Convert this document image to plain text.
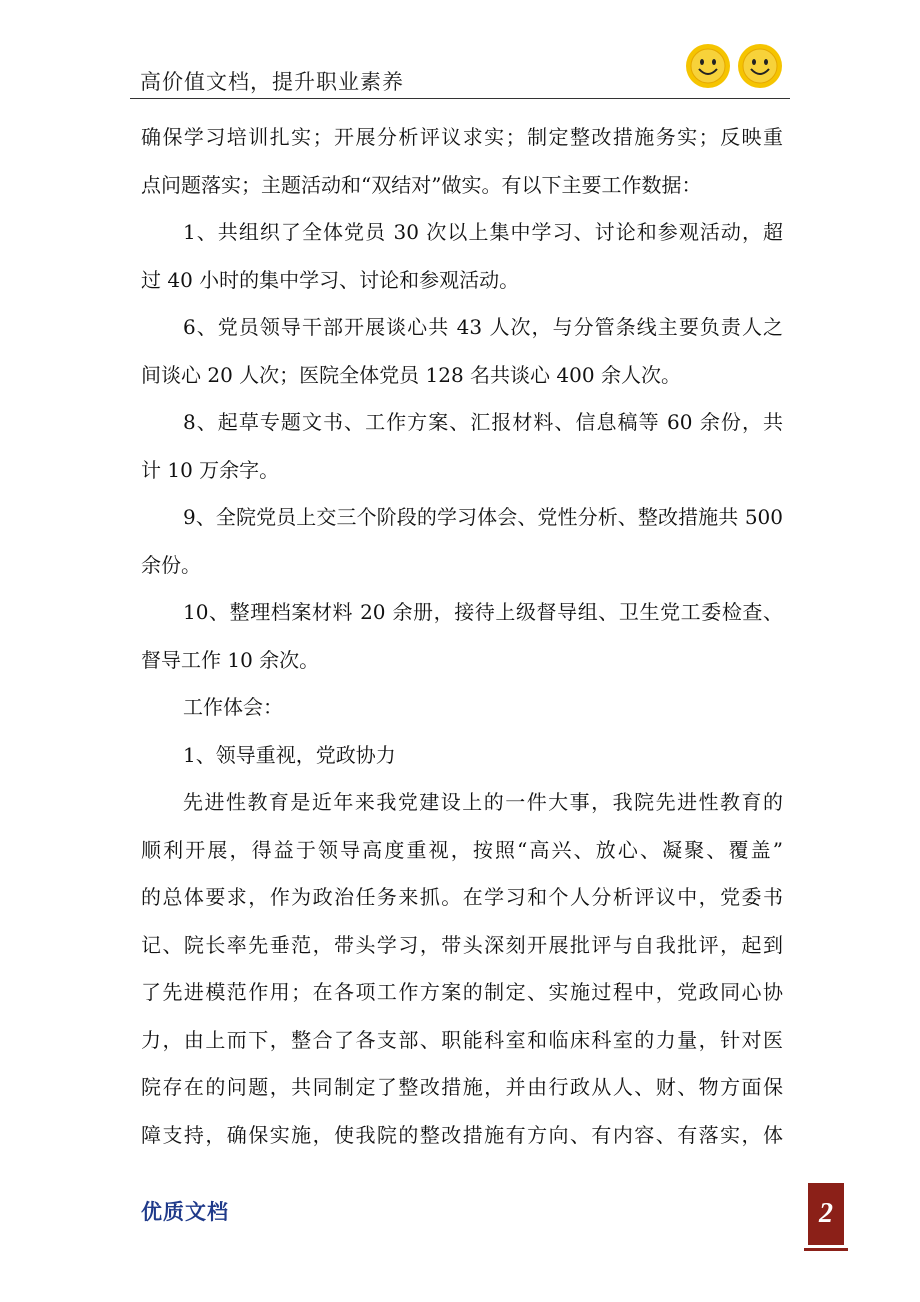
高价值文档，提升职业素养
确保学习培训扎实；开展分析评议求实；制定整改措施务实；反映重
点问题落实；主题活动和“双结对”做实。有以下主要工作数据：
1、共组织了全体党员 30 次以上集中学习、讨论和参观活动，超
过 40 小时的集中学习、讨论和参观活动。
6、党员领导干部开展谈心共 43 人次，与分管条线主要负责人之
间谈心 20 人次；医院全体党员 128 名共谈心 400 余人次。
8、起草专题文书、工作方案、汇报材料、信息稿等 60 余份，共
计 10 万余字。
9、全院党员上交三个阶段的学习体会、党性分析、整改措施共 500
余份。
10、整理档案材料 20 余册，接待上级督导组、卫生党工委检查、
督导工作 10 余次。
工作体会：
1、领导重视，党政协力
先进性教育是近年来我党建设上的一件大事，我院先进性教育的
顺利开展，得益于领导高度重视，按照“高兴、放心、凝聚、覆盖”
的总体要求，作为政治任务来抓。在学习和个人分析评议中，党委书
记、院长率先垂范，带头学习，带头深刻开展批评与自我批评，起到
了先进模范作用；在各项工作方案的制定、实施过程中，党政同心协
力，由上而下，整合了各支部、职能科室和临床科室的力量，针对医
院存在的问题，共同制定了整改措施，并由行政从人、财、物方面保
障支持，确保实施，使我院的整改措施有方向、有内容、有落实，体
优质文档	2
